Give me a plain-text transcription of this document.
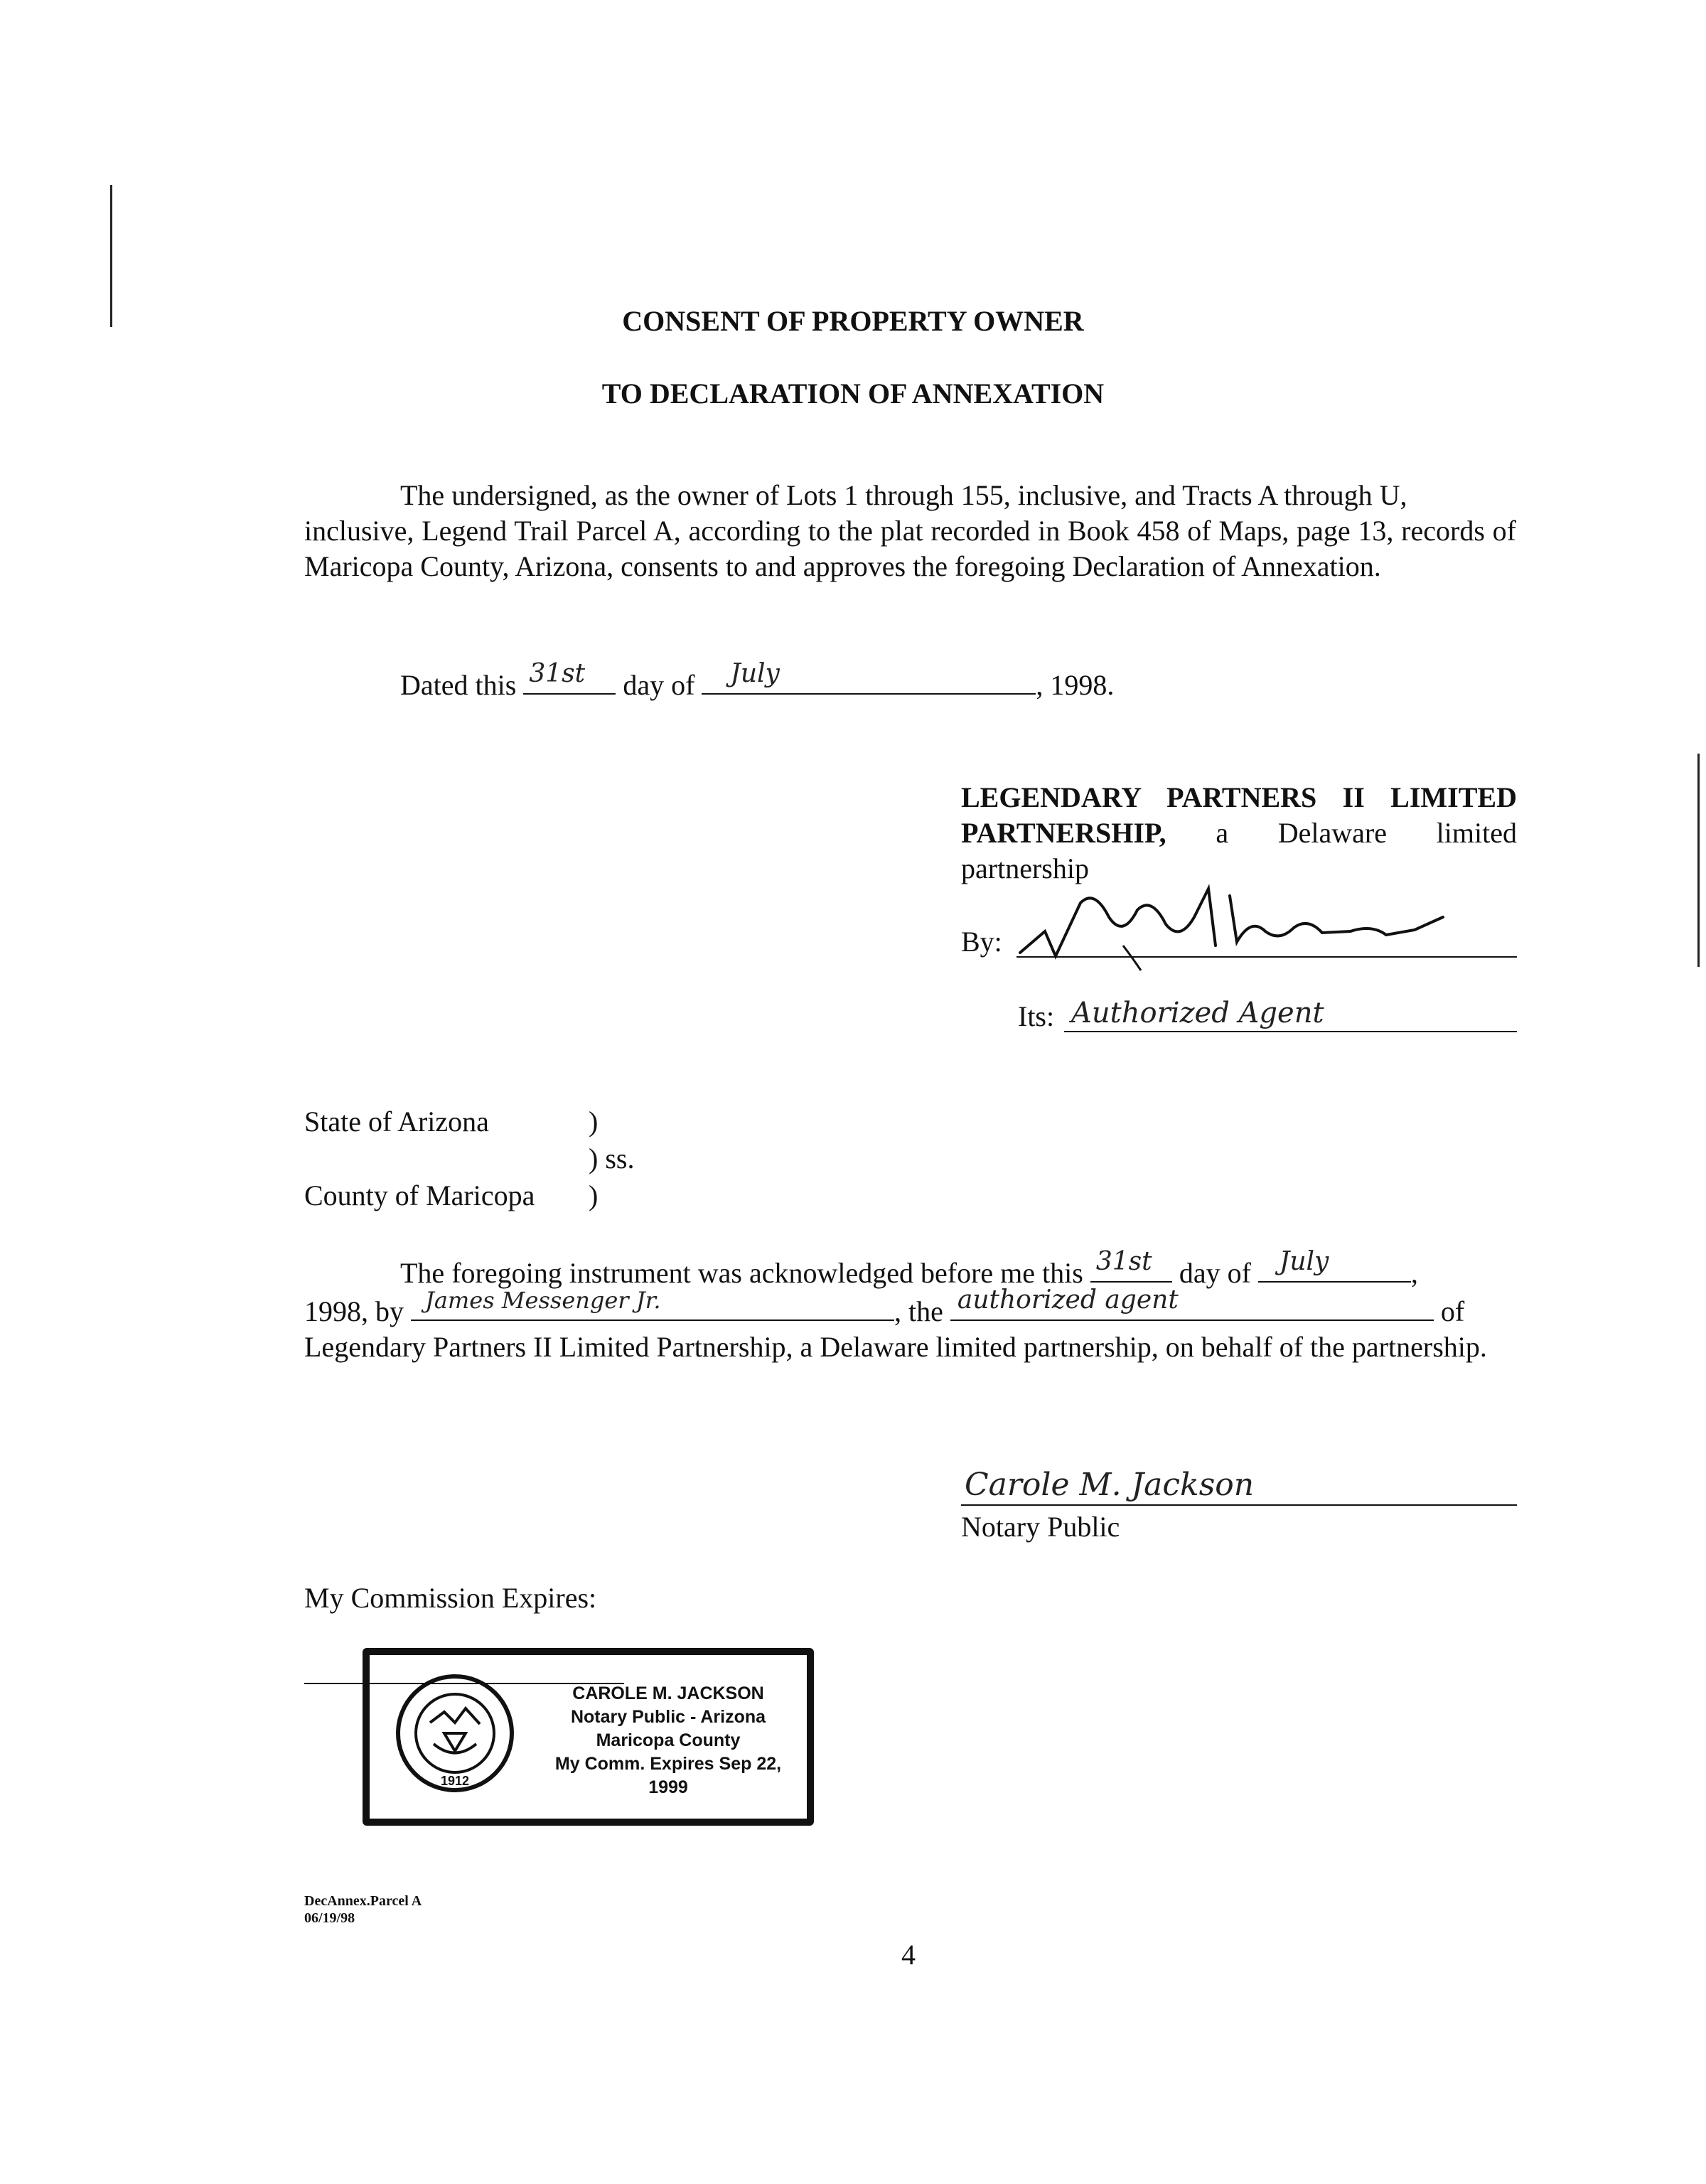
CONSENT OF PROPERTY OWNER
TO DECLARATION OF ANNEXATION
The undersigned, as the owner of Lots 1 through 155, inclusive, and Tracts A through U,
inclusive, Legend Trail Parcel A, according to the plat recorded in Book 458 of Maps, page 13, records of Maricopa County, Arizona, consents to and approves the foregoing Declaration of Annexation.
Dated this 31st day of July	, 1998.
LEGENDARY PARTNERS II LIMITED PARTNERSHIP, a Delaware limited partnership
By:
Its: Authorized Agent
State of Arizona	)
) ss.
County of Maricopa )
The foregoing instrument was acknowledged before me this 31st day of July	,
1998, by James Messenger Jr.	, the authorized agent	of
Legendary Partners II Limited Partnership, a Delaware limited partnership, on behalf of the partnership.
Carole M. Jackson
Notary Public
My Commission Expires:
1912
CAROLE M. JACKSON
Notary Public - Arizona
Maricopa County
My Comm. Expires Sep 22, 1999
DecAnnex.Parcel A
06/19/98
4
